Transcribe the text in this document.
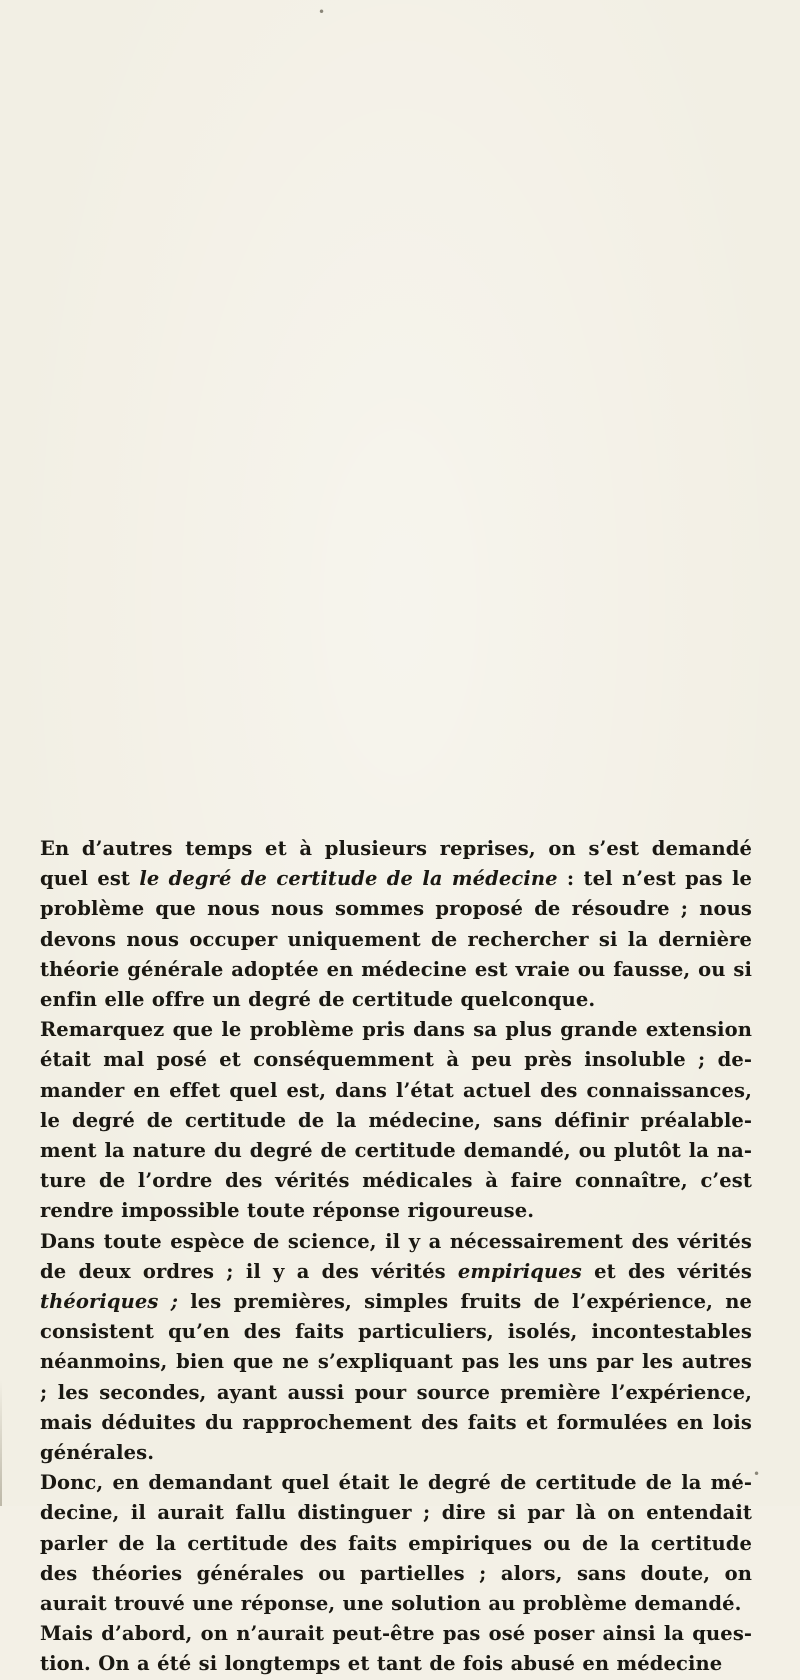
•
•

En d’autres temps et à plusieurs reprises, on s’est demandé quel est le degré de certitude de la médecine : tel n’est pas le problème que nous nous sommes proposé de résoudre ; nous devons nous occuper uniquement de rechercher si la dernière théorie générale adoptée en médecine est vraie ou fausse, ou si enfin elle offre un degré de certitude quelconque.

Remarquez que le problème pris dans sa plus grande extension était mal posé et conséquemment à peu près insoluble ; demander en effet quel est, dans l’état actuel des connaissances, le degré de certitude de la médecine, sans définir préalablement la nature du degré de certitude demandé, ou plutôt la nature de l’ordre des vérités médicales à faire connaître, c’est rendre impossible toute réponse rigoureuse.

Dans toute espèce de science, il y a nécessairement des vérités de deux ordres ; il y a des vérités empiriques et des vérités théoriques ; les premières, simples fruits de l’expérience, ne consistent qu’en des faits particuliers, isolés, incontestables néanmoins, bien que ne s’expliquant pas les uns par les autres ; les secondes, ayant aussi pour source première l’expérience, mais déduites du rapprochement des faits et formulées en lois générales.

Donc, en demandant quel était le degré de certitude de la médecine, il aurait fallu distinguer ; dire si par là on entendait parler de la certitude des faits empiriques ou de la certitude des théories générales ou partielles ; alors, sans doute, on aurait trouvé une réponse, une solution au problème demandé.

Mais d’abord, on n’aurait peut-être pas osé poser ainsi la question. On a été si longtemps et tant de fois abusé en médecine
